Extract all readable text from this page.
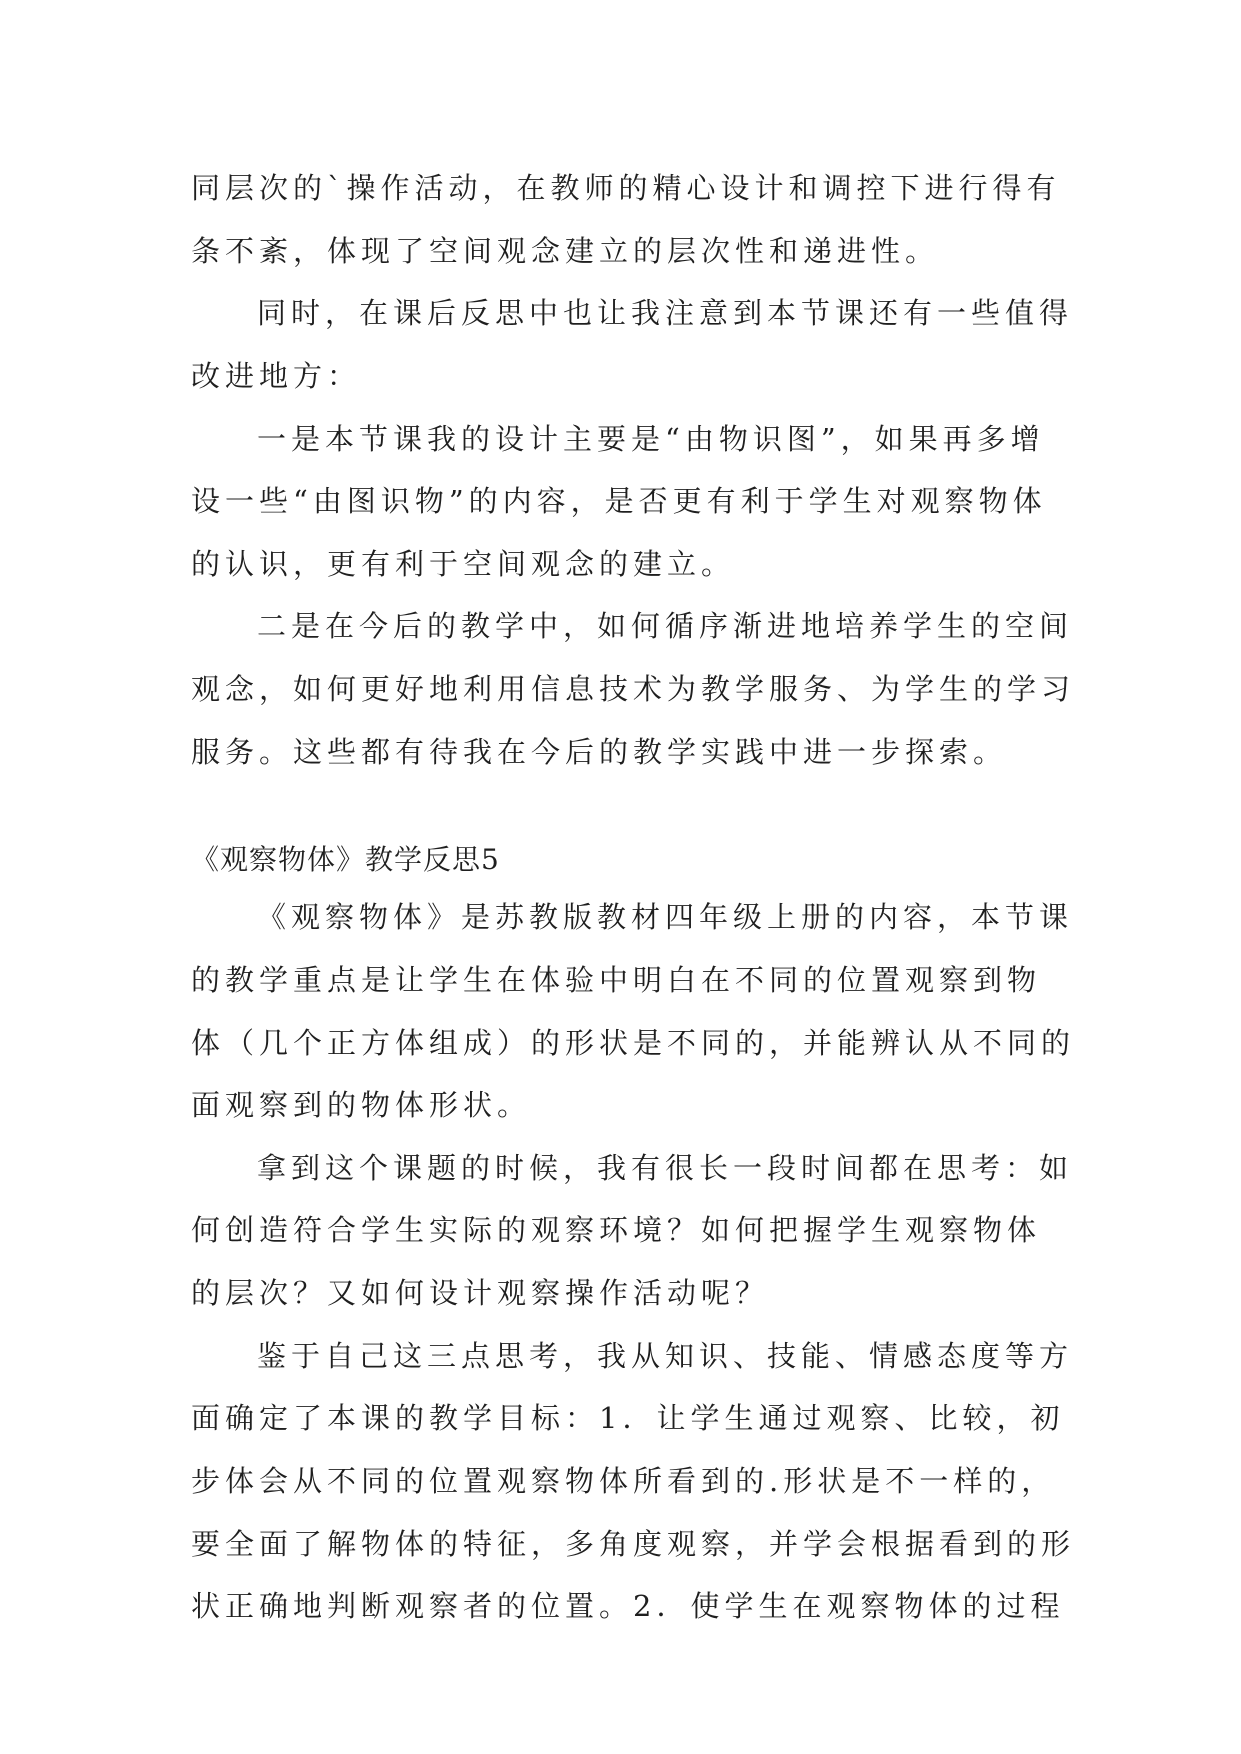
同层次的`操作活动，在教师的精心设计和调控下进行得有
条不紊，体现了空间观念建立的层次性和递进性。
同时，在课后反思中也让我注意到本节课还有一些值得
改进地方：
一是本节课我的设计主要是“由物识图”，如果再多增
设一些“由图识物”的内容，是否更有利于学生对观察物体
的认识，更有利于空间观念的建立。
二是在今后的教学中，如何循序渐进地培养学生的空间
观念，如何更好地利用信息技术为教学服务、为学生的学习
服务。这些都有待我在今后的教学实践中进一步探索。
《观察物体》教学反思5
《观察物体》是苏教版教材四年级上册的内容，本节课
的教学重点是让学生在体验中明白在不同的位置观察到物
体（几个正方体组成）的形状是不同的，并能辨认从不同的
面观察到的物体形状。
拿到这个课题的时候，我有很长一段时间都在思考：如
何创造符合学生实际的观察环境？如何把握学生观察物体
的层次？又如何设计观察操作活动呢？
鉴于自己这三点思考，我从知识、技能、情感态度等方
面确定了本课的教学目标：1．让学生通过观察、比较，初
步体会从不同的位置观察物体所看到的.形状是不一样的，
要全面了解物体的特征，多角度观察，并学会根据看到的形
状正确地判断观察者的位置。2．使学生在观察物体的过程
